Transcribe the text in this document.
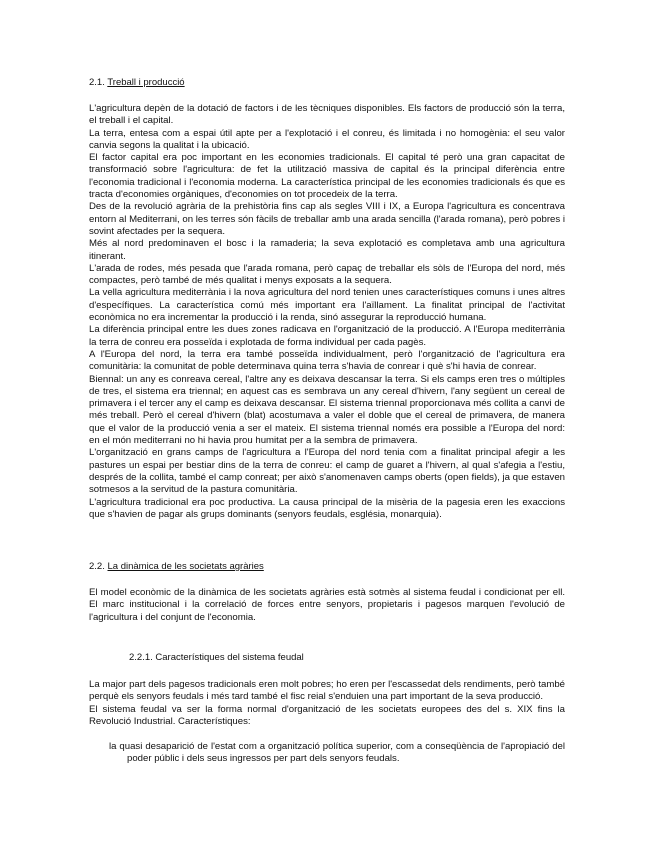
2.1. Treball i producció

L'agricultura depèn de la dotació de factors i de les tècniques disponibles. Els factors de producció són la terra, el treball i el capital.

La terra, entesa com a espai útil apte per a l'explotació i el conreu, és limitada i no homogènia: el seu valor canvia segons la qualitat i la ubicació.

El factor capital era poc important en les economies tradicionals. El capital té però una gran capacitat de transformació sobre l'agricultura: de fet la utilització massiva de capital és la principal diferència entre l'economia tradicional i l'economia moderna. La característica principal de les economies tradicionals és que es tracta d'economies orgàniques, d'economies on tot procedeix de la terra.

Des de la revolució agrària de la prehistòria fins cap als segles VIII i IX, a Europa l'agricultura es concentrava entorn al Mediterrani, on les terres són fàcils de treballar amb una arada sencilla (l'arada romana), però pobres i sovint afectades per la sequera.

Més al nord predominaven el bosc i la ramaderia; la seva explotació es completava amb una agricultura itinerant.

L'arada de rodes, més pesada que l'arada romana, però capaç de treballar els sòls de l'Europa del nord, més compactes, però també de més qualitat i menys exposats a la sequera.

La vella agricultura mediterrània i la nova agricultura del nord tenien unes característiques comuns i unes altres d'específiques. La característica comú més important era l'aïllament. La finalitat principal de l'activitat econòmica no era incrementar la producció i la renda, sinó assegurar la reproducció humana.

La diferència principal entre les dues zones radicava en l'organització de la producció. A l'Europa mediterrània la terra de conreu era posseïda i explotada de forma individual per cada pagès.

A l'Europa del nord, la terra era també posseïda individualment, però l'organització de l'agricultura era comunitària: la comunitat de poble determinava quina terra s'havia de conrear i què s'hi havia de conrear.

Biennal: un any es conreava cereal, l'altre any es deixava descansar la terra. Si els camps eren tres o múltiples de tres, el sistema era triennal; en aquest cas es sembrava un any cereal d'hivern, l'any següent un cereal de primavera i el tercer any el camp es deixava descansar. El sistema triennal proporcionava més collita a canvi de més treball. Però el cereal d'hivern (blat) acostumava a valer el doble que el cereal de primavera, de manera que el valor de la producció venia a ser el mateix. El sistema triennal només era possible a l'Europa del nord: en el món mediterrani no hi havia prou humitat per a la sembra de primavera.

L'organització en grans camps de l'agricultura a l'Europa del nord tenia com a finalitat principal afegir a les pastures un espai per bestiar dins de la terra de conreu: el camp de guaret a l'hivern, al qual s'afegia a l'estiu, després de la collita, també el camp conreat; per això s'anomenaven camps oberts (open fields), ja que estaven sotmesos a la servitud de la pastura comunitària.

L'agricultura tradicional era poc productiva. La causa principal de la misèria de la pagesia eren les exaccions que s'havien de pagar als grups dominants (senyors feudals, església, monarquia).

2.2. La dinàmica de les societats agràries

El model econòmic de la dinàmica de les societats agràries està sotmès al sistema feudal i condicionat per ell. El marc institucional i la correlació de forces entre senyors, propietaris i pagesos marquen l'evolució de l'agricultura i del conjunt de l'economia.

2.2.1. Característiques del sistema feudal

La major part dels pagesos tradicionals eren molt pobres; ho eren per l'escassedat dels rendiments, però també perquè els senyors feudals i més tard també el fisc reial s'enduien una part important de la seva producció.

El sistema feudal va ser la forma normal d'organització de les societats europees des del s. XIX fins la Revolució Industrial. Característiques:

la quasi desaparició de l'estat com a organització política superior, com a conseqüència de l'apropiació del poder públic i dels seus ingressos per part dels senyors feudals.
